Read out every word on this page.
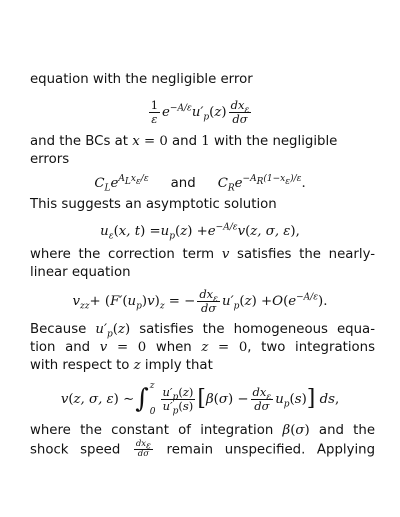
equation with the negligible error
$\frac{1}{\varepsilon} e^{-A/\varepsilon}u'_p$ ( z ) $\frac{dx_\varepsilon}{d\sigma}$
and the BCs at x = 0 and 1 with the negligible
errors
$C_Le^{A_Lx_\varepsilon/\varepsilon}$ and $C_Re^{-A_R(1-x_\varepsilon)/\varepsilon}$ .
This suggests an asymptotic solution
$u_\varepsilon$ ( x, t ) = $u_p$ ( z ) + $e^{-A/\varepsilon}v$ ( z, σ, ε ),
where the correction term v satisfies the nearly-
linear equation
$v_{zz}$ + ( F′ ( $u_p$ ) v )$_z$ = − $\frac{dx_\varepsilon}{d\sigma} u'_p$ ( z ) + O ( $e^{-A/\varepsilon}$ ).
Because $u'_p(z)$ satisfies the homogeneous equa-
tion and v = 0 when z = 0, two integrations
with respect to z imply that
v ( z, σ, ε ) ∼ ∫ z
$0 \frac{u'_p(z)}{u'_p(s)}$ [ β ( σ ) − $\frac{dx_\varepsilon}{d\sigma} u_p$ ( s ) ] ds ,
where the constant of integration β(σ) and the
shock speed $\frac{dx_\varepsilon}{d\sigma}$ remain unspecified. Applying
